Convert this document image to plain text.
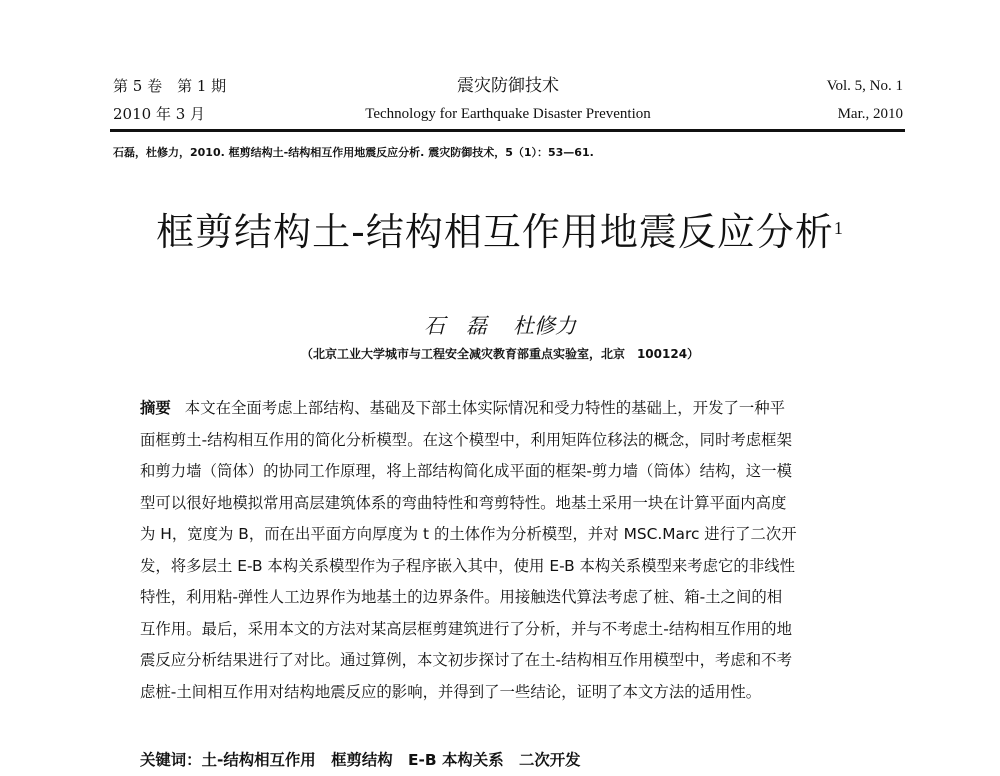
第 5 卷　第 1 期	震灾防御技术	Vol. 5, No. 1
2010 年 3 月	Technology for Earthquake Disaster Prevention	Mar., 2010
石磊，杜修力，2010. 框剪结构土-结构相互作用地震反应分析. 震灾防御技术，5（1）：53—61.
框剪结构土-结构相互作用地震反应分析$^1$
石　磊 杜修力
（北京工业大学城市与工程安全减灾教育部重点实验室，北京　100124）
摘要 本文在全面考虑上部结构、基础及下部土体实际情况和受力特性的基础上，开发了一种平
面框剪土-结构相互作用的简化分析模型。在这个模型中，利用矩阵位移法的概念，同时考虑框架
和剪力墙（筒体）的协同工作原理，将上部结构简化成平面的框架-剪力墙（筒体）结构，这一模
型可以很好地模拟常用高层建筑体系的弯曲特性和弯剪特性。地基土采用一块在计算平面内高度
为 H，宽度为 B，而在出平面方向厚度为 t 的土体作为分析模型，并对 MSC.Marc 进行了二次开
发，将多层土 E-B 本构关系模型作为子程序嵌入其中，使用 E-B 本构关系模型来考虑它的非线性
特性，利用粘-弹性人工边界作为地基土的边界条件。用接触迭代算法考虑了桩、箱-土之间的相
互作用。最后，采用本文的方法对某高层框剪建筑进行了分析，并与不考虑土-结构相互作用的地
震反应分析结果进行了对比。通过算例，本文初步探讨了在土-结构相互作用模型中，考虑和不考
虑桩-土间相互作用对结构地震反应的影响，并得到了一些结论，证明了本文方法的适用性。
关键词：土-结构相互作用　框剪结构　E-B 本构关系　二次开发
